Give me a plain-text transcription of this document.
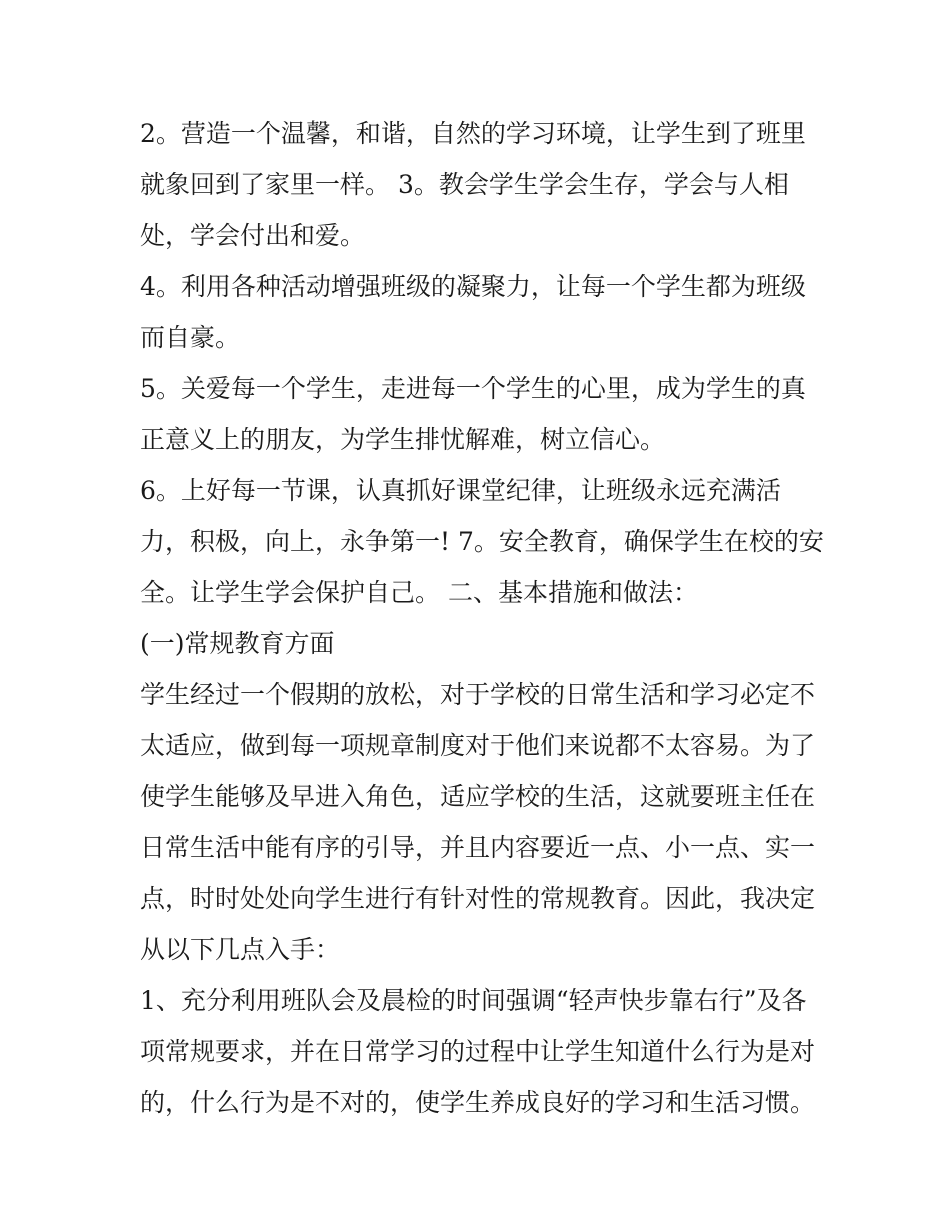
2。营造一个温馨，和谐，自然的学习环境，让学生到了班里
就象回到了家里一样。 3。教会学生学会生存，学会与人相
处，学会付出和爱。
4。利用各种活动增强班级的凝聚力，让每一个学生都为班级
而自豪。
5。关爱每一个学生，走进每一个学生的心里，成为学生的真
正意义上的朋友，为学生排忧解难，树立信心。
6。上好每一节课，认真抓好课堂纪律，让班级永远充满活
力，积极，向上，永争第一! 7。安全教育，确保学生在校的安
全。让学生学会保护自己。 二、基本措施和做法：
(一)常规教育方面
学生经过一个假期的放松，对于学校的日常生活和学习必定不
太适应，做到每一项规章制度对于他们来说都不太容易。为了
使学生能够及早进入角色，适应学校的生活，这就要班主任在
日常生活中能有序的引导，并且内容要近一点、小一点、实一
点，时时处处向学生进行有针对性的常规教育。因此，我决定
从以下几点入手：
1、充分利用班队会及晨检的时间强调“轻声快步靠右行”及各
项常规要求，并在日常学习的过程中让学生知道什么行为是对
的，什么行为是不对的，使学生养成良好的学习和生活习惯。
